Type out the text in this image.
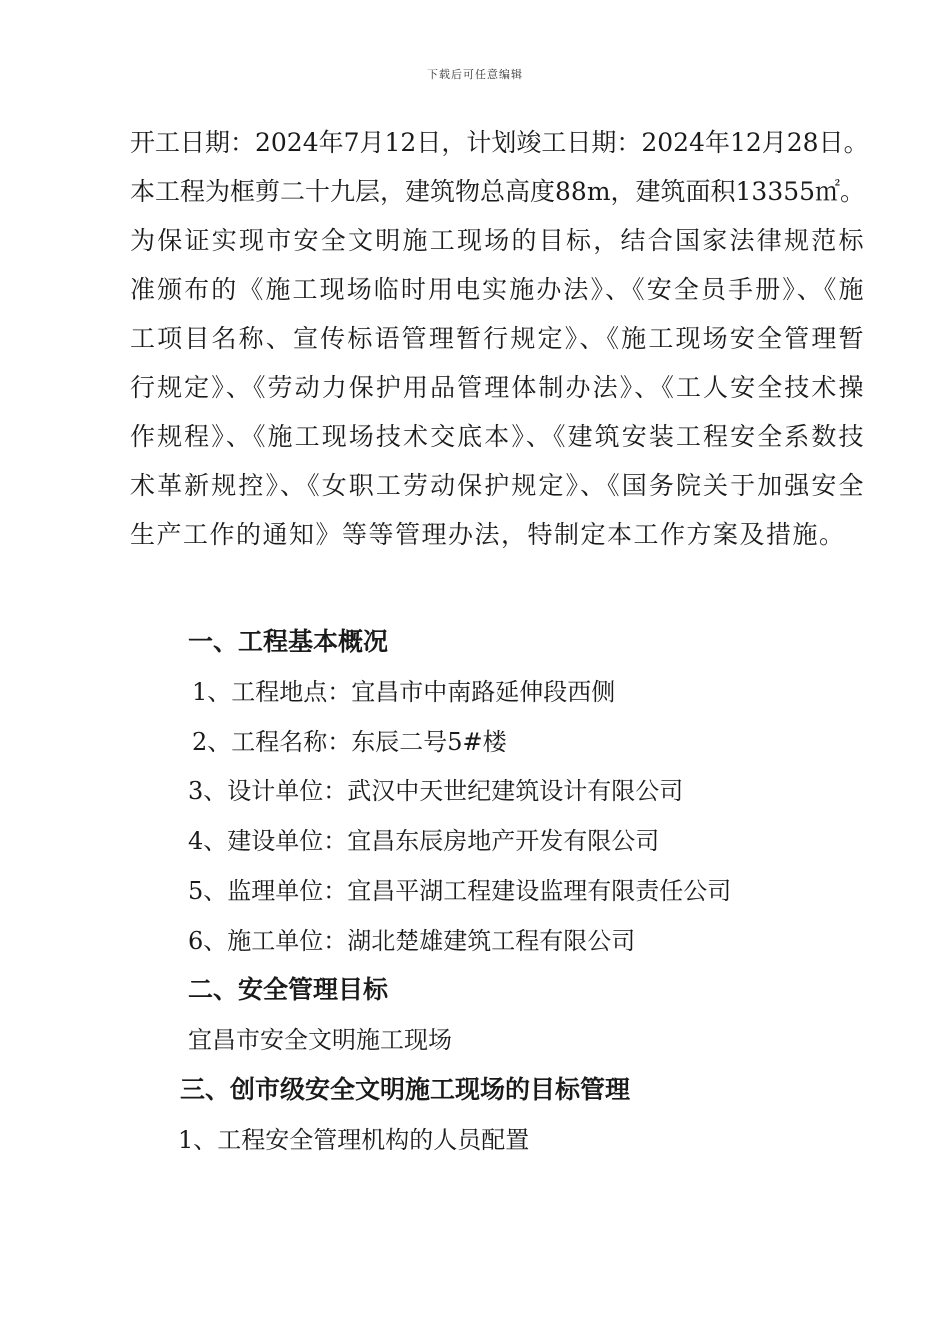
下载后可任意编辑

开工日期：2024年7月12日，计划竣工日期：2024年12月28日。

本工程为框剪二十九层，建筑物总高度88m，建筑面积13355㎡。

为保证实现市安全文明施工现场的目标，结合国家法律规范标准颁布的《施工现场临时用电实施办法》、《安全员手册》、《施工项目名称、宣传标语管理暂行规定》、《施工现场安全管理暂行规定》、《劳动力保护用品管理体制办法》、《工人安全技术操作规程》、《施工现场技术交底本》、《建筑安装工程安全系数技术革新规控》、《女职工劳动保护规定》、《国务院关于加强安全生产工作的通知》等等管理办法，特制定本工作方案及措施。

一、工程基本概况

1、工程地点：宜昌市中南路延伸段西侧

2、工程名称：东辰二号5#楼

3、设计单位：武汉中天世纪建筑设计有限公司

4、建设单位：宜昌东辰房地产开发有限公司

5、监理单位：宜昌平湖工程建设监理有限责任公司

6、施工单位：湖北楚雄建筑工程有限公司

二、安全管理目标

宜昌市安全文明施工现场

三、创市级安全文明施工现场的目标管理

1、工程安全管理机构的人员配置
